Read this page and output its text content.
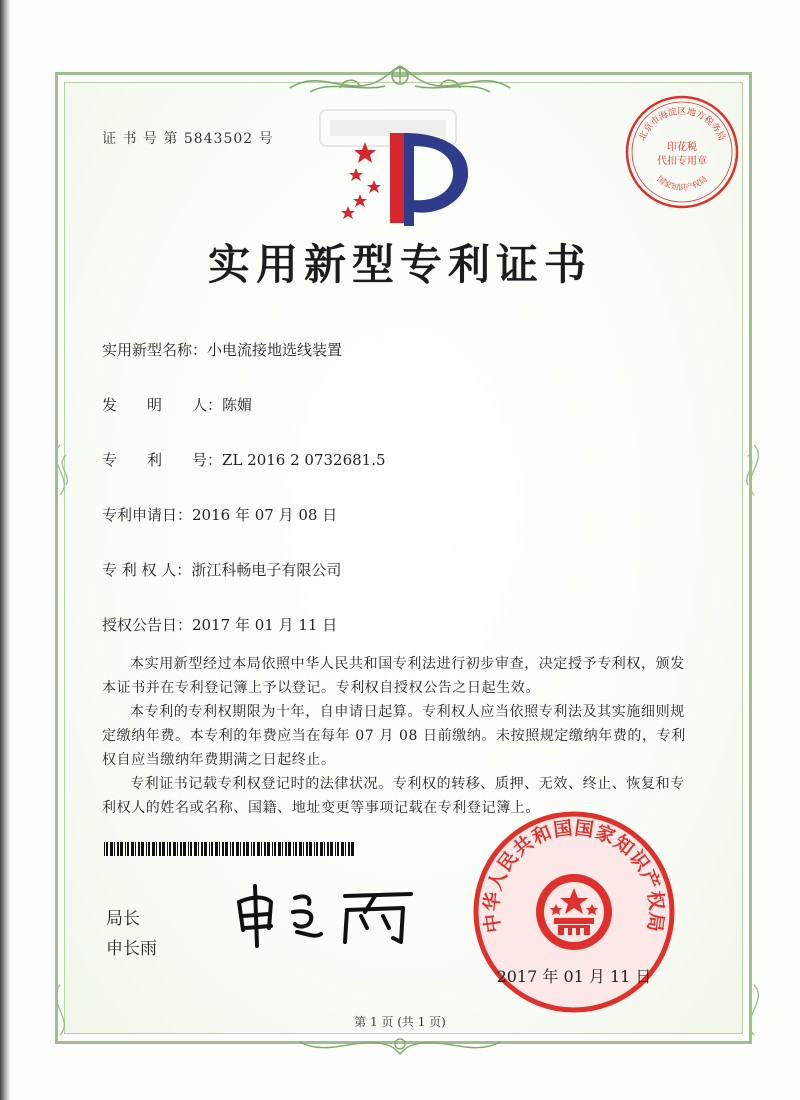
证 书 号 第 5843502 号
实用新型专利证书
北京市海淀区地方税务局
印花税
代扣专用章
国家知识产权局
实用新型名称：小电流接地选线装置
发　　明　　人：陈媚
专　　利　　号：ZL 2016 2 0732681.5
专利申请日：2016 年 07 月 08 日
专 利 权 人：浙江科畅电子有限公司
授权公告日：2017 年 01 月 11 日

本实用新型经过本局依照中华人民共和国专利法进行初步审查，决定授予专利权，颁发本证书并在专利登记簿上予以登记。专利权自授权公告之日起生效。

本专利的专利权期限为十年，自申请日起算。专利权人应当依照专利法及其实施细则规定缴纳年费。本专利的年费应当在每年 07 月 08 日前缴纳。未按照规定缴纳年费的，专利权自应当缴纳年费期满之日起终止。

专利证书记载专利权登记时的法律状况。专利权的转移、质押、无效、终止、恢复和专利权人的姓名或名称、国籍、地址变更等事项记载在专利登记簿上。

局长
申长雨
中华人民共和国国家知识产权局
2017 年 01 月 11 日
第 1 页 (共 1 页)
